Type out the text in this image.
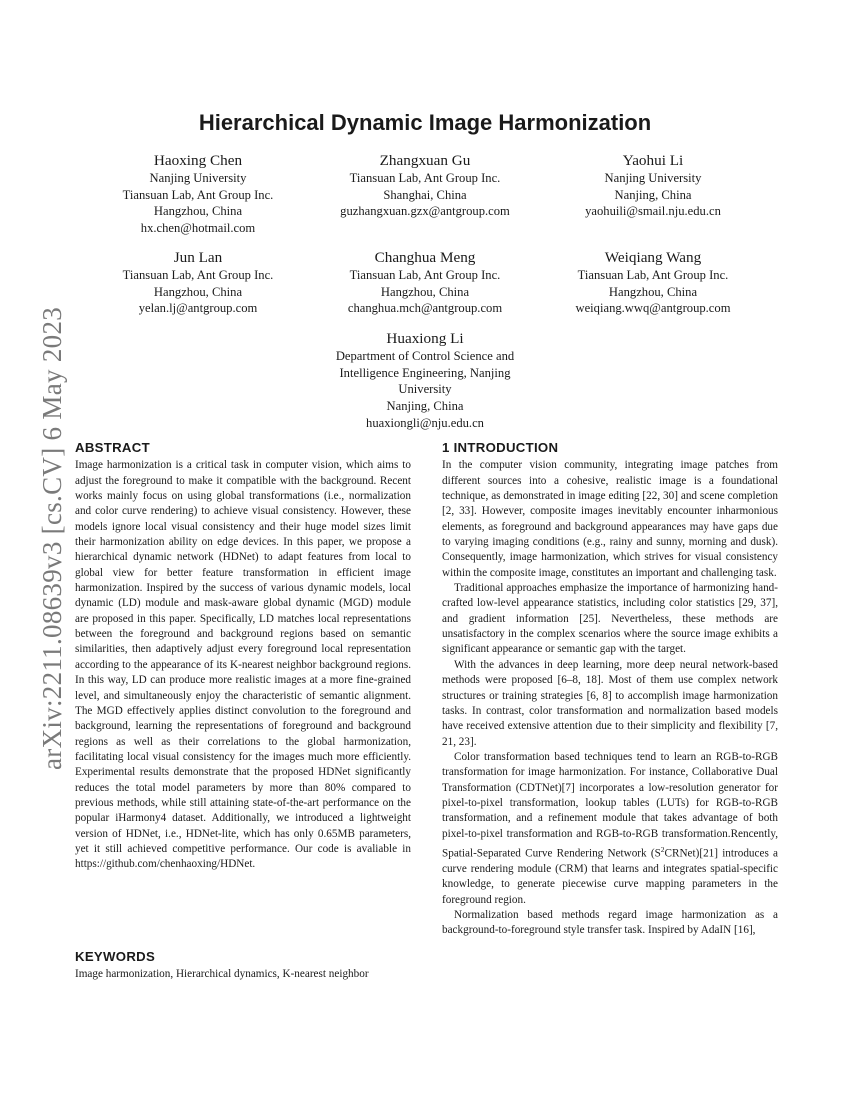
arXiv:2211.08639v3 [cs.CV] 6 May 2023
Hierarchical Dynamic Image Harmonization
Haoxing Chen
Nanjing University
Tiansuan Lab, Ant Group Inc.
Hangzhou, China
hx.chen@hotmail.com
Zhangxuan Gu
Tiansuan Lab, Ant Group Inc.
Shanghai, China
guzhangxuan.gzx@antgroup.com
Yaohui Li
Nanjing University
Nanjing, China
yaohuili@smail.nju.edu.cn
Jun Lan
Tiansuan Lab, Ant Group Inc.
Hangzhou, China
yelan.lj@antgroup.com
Changhua Meng
Tiansuan Lab, Ant Group Inc.
Hangzhou, China
changhua.mch@antgroup.com
Weiqiang Wang
Tiansuan Lab, Ant Group Inc.
Hangzhou, China
weiqiang.wwq@antgroup.com
Huaxiong Li
Department of Control Science and
Intelligence Engineering, Nanjing
University
Nanjing, China
huaxiongli@nju.edu.cn
ABSTRACT

Image harmonization is a critical task in computer vision, which aims to adjust the foreground to make it compatible with the background. Recent works mainly focus on using global transformations (i.e., normalization and color curve rendering) to achieve visual consistency. However, these models ignore local visual consistency and their huge model sizes limit their harmonization ability on edge devices. In this paper, we propose a hierarchical dynamic network (HDNet) to adapt features from local to global view for better feature transformation in efficient image harmonization. Inspired by the success of various dynamic models, local dynamic (LD) module and mask-aware global dynamic (MGD) module are proposed in this paper. Specifically, LD matches local representations between the foreground and background regions based on semantic similarities, then adaptively adjust every foreground local representation according to the appearance of its K-nearest neighbor background regions. In this way, LD can produce more realistic images at a more fine-grained level, and simultaneously enjoy the characteristic of semantic alignment. The MGD effectively applies distinct convolution to the foreground and background, learning the representations of foreground and background regions as well as their correlations to the global harmonization, facilitating local visual consistency for the images much more efficiently. Experimental results demonstrate that the proposed HDNet significantly reduces the total model parameters by more than 80% compared to previous methods, while still attaining state-of-the-art performance on the popular iHarmony4 dataset. Additionally, we introduced a lightweight version of HDNet, i.e., HDNet-lite, which has only 0.65MB parameters, yet it still achieved competitive performance. Our code is avaliable in https://github.com/chenhaoxing/HDNet.

KEYWORDS

Image harmonization, Hierarchical dynamics, K-nearest neighbor

1 INTRODUCTION

In the computer vision community, integrating image patches from different sources into a cohesive, realistic image is a foundational technique, as demonstrated in image editing [22, 30] and scene completion [2, 33]. However, composite images inevitably encounter inharmonious elements, as foreground and background appearances may have gaps due to varying imaging conditions (e.g., rainy and sunny, morning and dusk). Consequently, image harmonization, which strives for visual consistency within the composite image, constitutes an important and challenging task.

Traditional approaches emphasize the importance of harmonizing hand-crafted low-level appearance statistics, including color statistics [29, 37], and gradient information [25]. Nevertheless, these methods are unsatisfactory in the complex scenarios where the source image exhibits a significant appearance or semantic gap with the target.

With the advances in deep learning, more deep neural network-based methods were proposed [6–8, 18]. Most of them use complex network structures or training strategies [6, 8] to accomplish image harmonization tasks. In contrast, color transformation and normalization based models have received extensive attention due to their simplicity and flexibility [7, 21, 23].

Color transformation based techniques tend to learn an RGB-to-RGB transformation for image harmonization. For instance, Collaborative Dual Transformation (CDTNet)[7] incorporates a low-resolution generator for pixel-to-pixel transformation, lookup tables (LUTs) for RGB-to-RGB transformation, and a refinement module that takes advantage of both pixel-to-pixel transformation and RGB-to-RGB transformation.Rencently, Spatial-Separated Curve Rendering Network $(S^2CRNet)[21]$ introduces a curve rendering module (CRM) that learns and integrates spatial-specific knowledge, to generate piecewise curve mapping parameters in the foreground region.

Normalization based methods regard image harmonization as a background-to-foreground style transfer task. Inspired by AdaIN [16],
